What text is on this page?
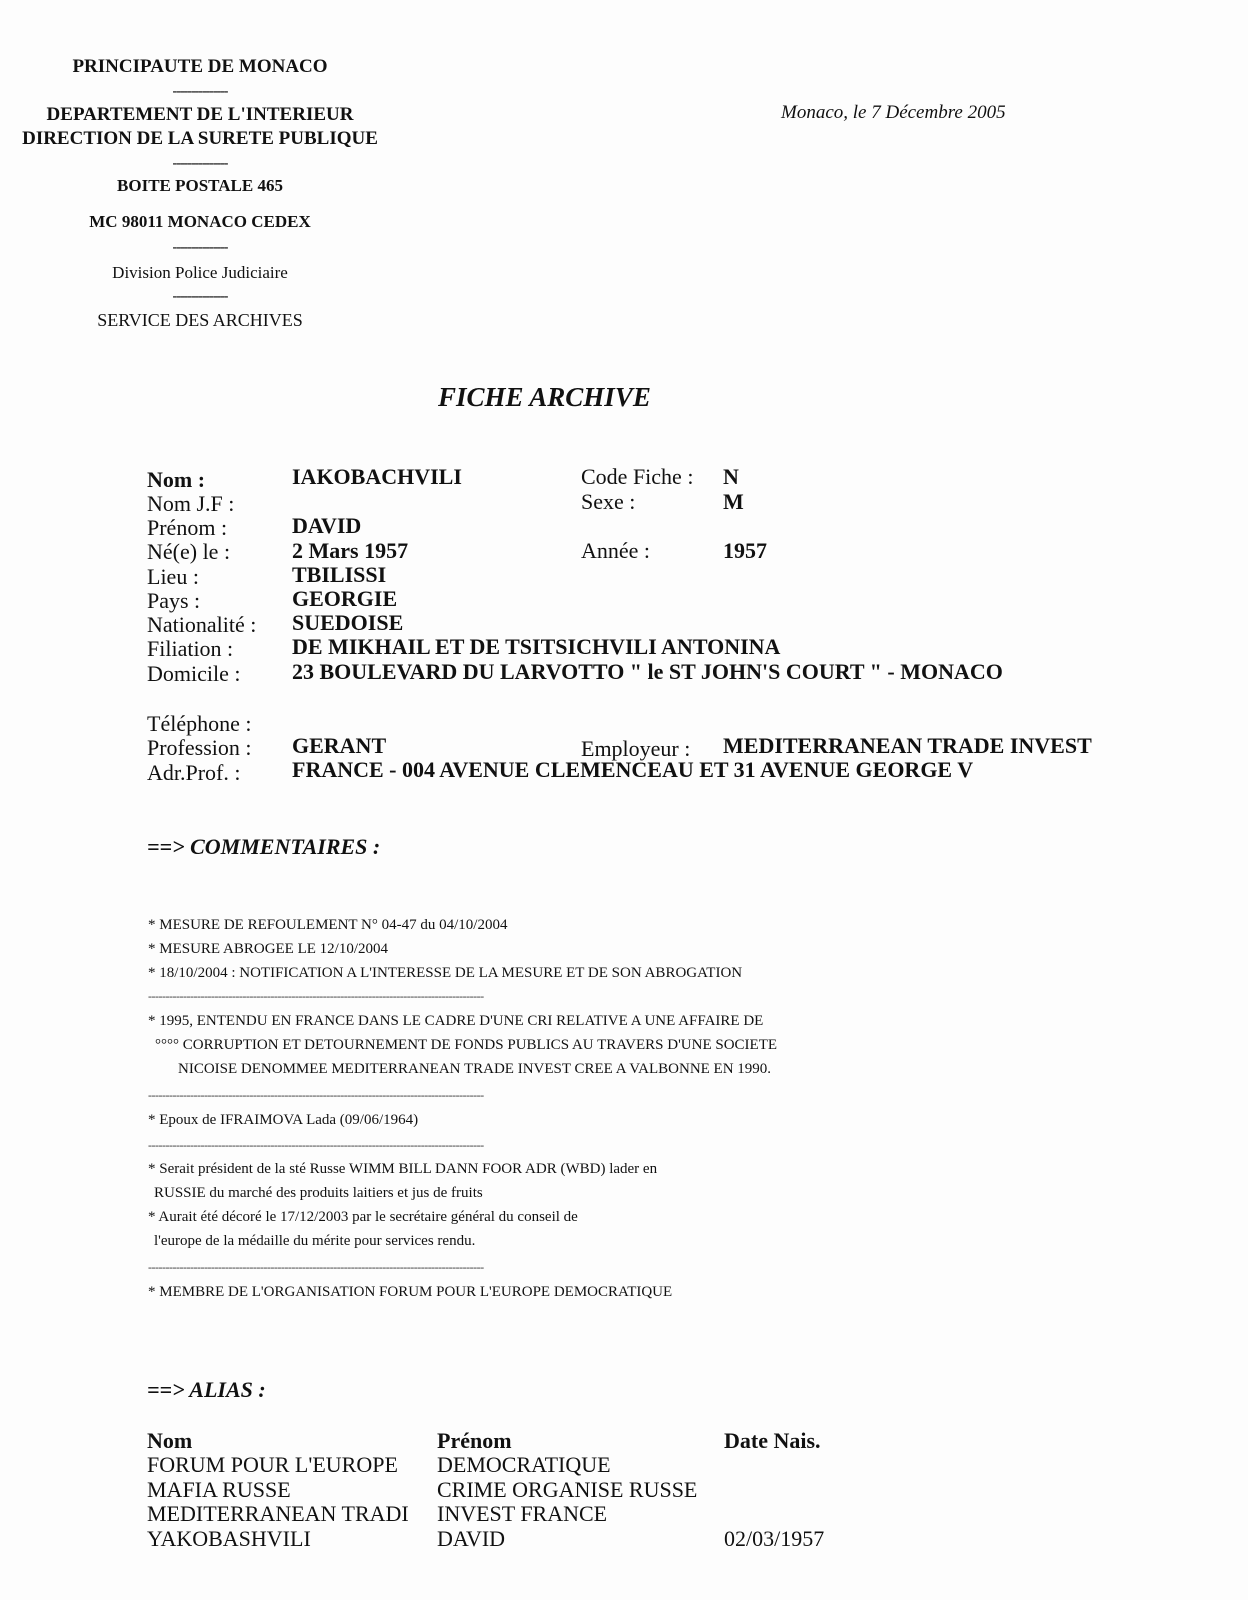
PRINCIPAUTE DE MONACO
---------------
DEPARTEMENT DE L'INTERIEUR
DIRECTION DE LA SURETE PUBLIQUE
---------------
BOITE POSTALE 465
MC 98011 MONACO CEDEX
---------------
Division Police Judiciaire
---------------
SERVICE DES ARCHIVES
Monaco, le 7 Décembre 2005
FICHE ARCHIVE
Nom :	IAKOBACHVILI	Code Fiche : N
Nom J.F :	Sexe :	M
Prénom :	DAVID
Né(e) le :	2 Mars 1957	Année :	1957
Lieu :	TBILISSI
Pays :	GEORGIE
Nationalité : SUEDOISE
Filiation :	DE MIKHAIL ET DE TSITSICHVILI ANTONINA
Domicile : 23 BOULEVARD DU LARVOTTO " le ST JOHN'S COURT " - MONACO
Téléphone :
Profession : GERANT	Employeur : MEDITERRANEAN TRADE INVEST
Adr.Prof. : FRANCE - 004 AVENUE CLEMENCEAU ET 31 AVENUE GEORGE V
==> COMMENTAIRES :
* MESURE DE REFOULEMENT N° 04-47 du 04/10/2004
* MESURE ABROGEE LE 12/10/2004
* 18/10/2004 : NOTIFICATION A L'INTERESSE DE LA MESURE ET DE SON ABROGATION
------------------------------------------------------------------------------------------------
* 1995, ENTENDU EN FRANCE DANS LE CADRE D'UNE CRI RELATIVE A UNE AFFAIRE DE
°°°° CORRUPTION ET DETOURNEMENT DE FONDS PUBLICS AU TRAVERS D'UNE SOCIETE
NICOISE DENOMMEE MEDITERRANEAN TRADE INVEST CREE A VALBONNE EN 1990.
------------------------------------------------------------------------------------------------
* Epoux de IFRAIMOVA Lada (09/06/1964)
------------------------------------------------------------------------------------------------
* Serait président de la sté Russe WIMM BILL DANN FOOR ADR (WBD) lader en
RUSSIE du marché des produits laitiers et jus de fruits
* Aurait été décoré le 17/12/2003 par le secrétaire général du conseil de
l'europe de la médaille du mérite pour services rendu.
------------------------------------------------------------------------------------------------
* MEMBRE DE L'ORGANISATION FORUM POUR L'EUROPE DEMOCRATIQUE
==> ALIAS :
Nom	Prénom	Date Nais.
FORUM POUR L'EUROPE	DEMOCRATIQUE
MAFIA RUSSE	CRIME ORGANISE RUSSE
MEDITERRANEAN TRADI	INVEST FRANCE
YAKOBASHVILI	DAVID	02/03/1957
